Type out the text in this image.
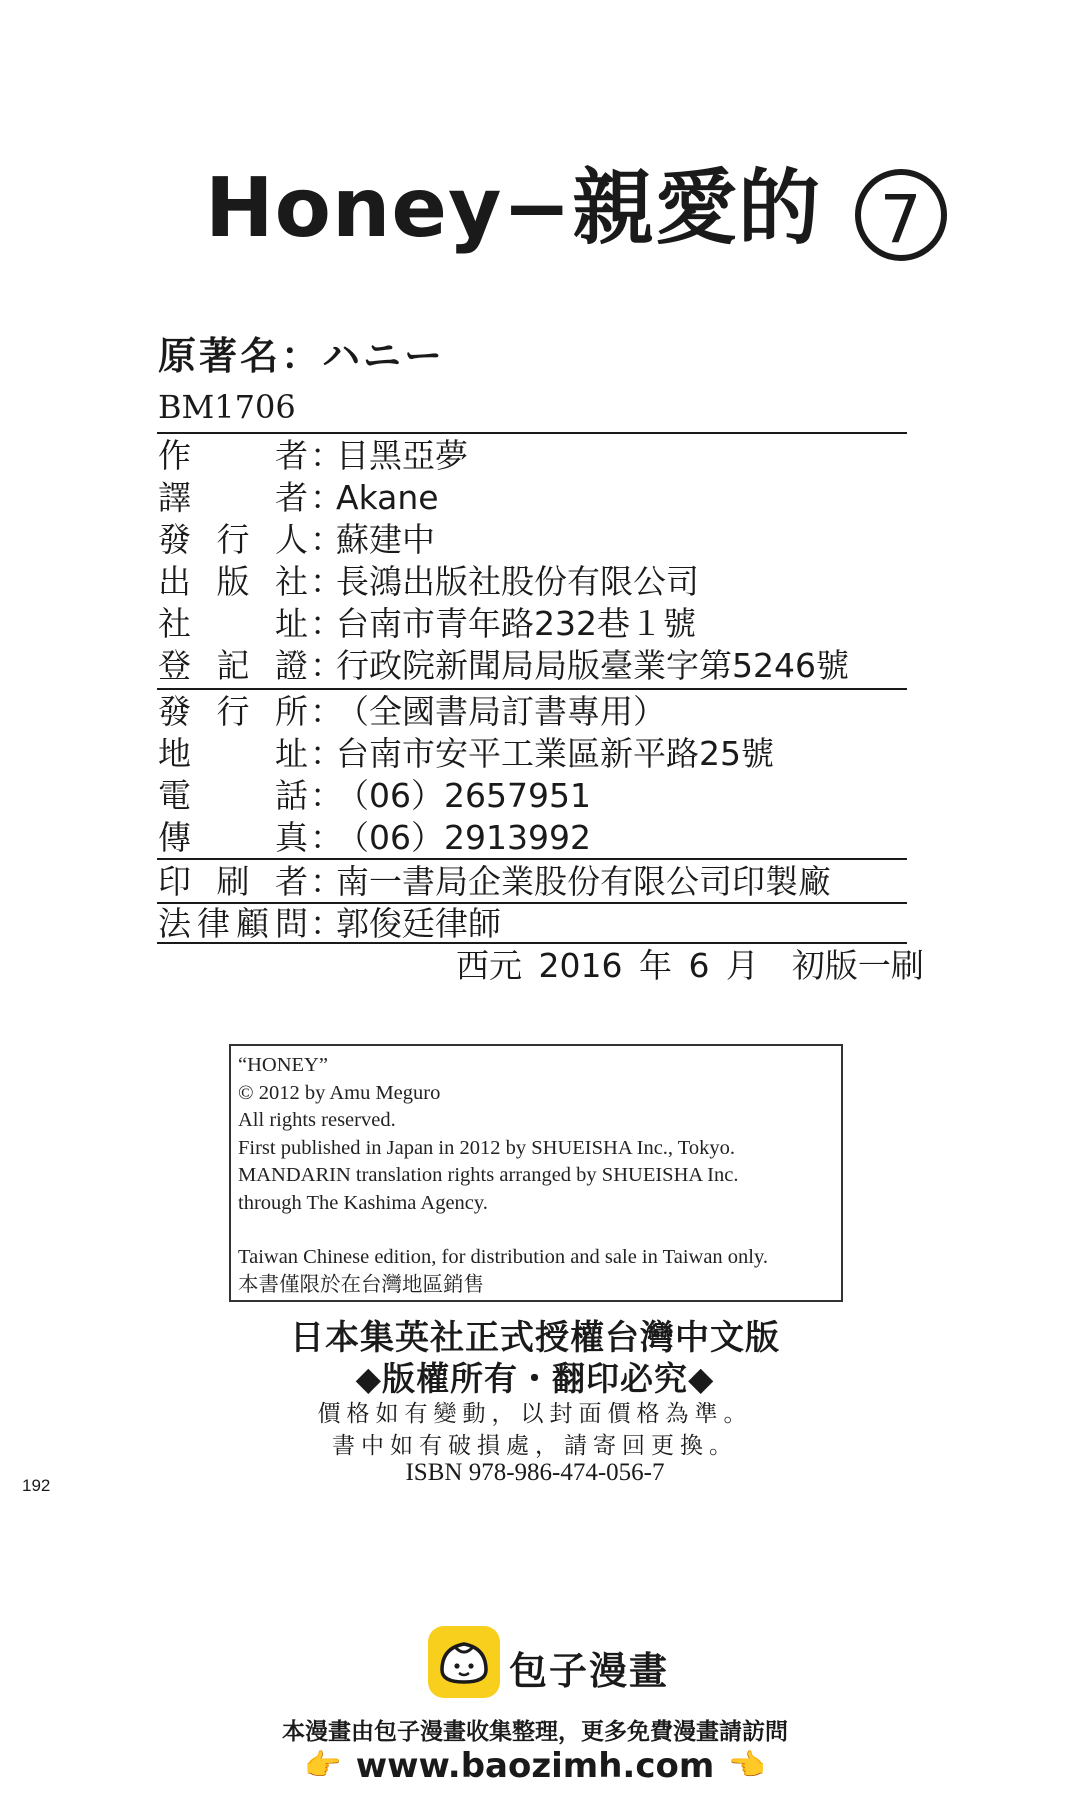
Honey−親愛的 7
原著名：ハニー
BM1706
作者：目黑亞夢
譯者：Akane
發行人：蘇建中
出版社：長鴻出版社股份有限公司
社址：台南市青年路232巷１號
登記證：行政院新聞局局版臺業字第5246號
發行所：（全國書局訂書專用）
地址：台南市安平工業區新平路25號
電話：（06）2657951
傳真：（06）2913992
印刷者：南一書局企業股份有限公司印製廠
法律顧問：郭俊廷律師
西元 2016 年 6 月　初版一刷
“HONEY”
© 2012 by Amu Meguro
All rights reserved.
First published in Japan in 2012 by SHUEISHA Inc., Tokyo.
MANDARIN translation rights arranged by SHUEISHA Inc.
through The Kashima Agency.
Taiwan Chinese edition, for distribution and sale in Taiwan only.
本書僅限於在台灣地區銷售
日本集英社正式授權台灣中文版
◆版權所有・翻印必究◆
價格如有變動，以封面價格為準。
書中如有破損處，請寄回更換。
ISBN 978-986-474-056-7
192
包子漫畫
本漫畫由包子漫畫收集整理，更多免費漫畫請訪問
👉 www.baozimh.com 👈
